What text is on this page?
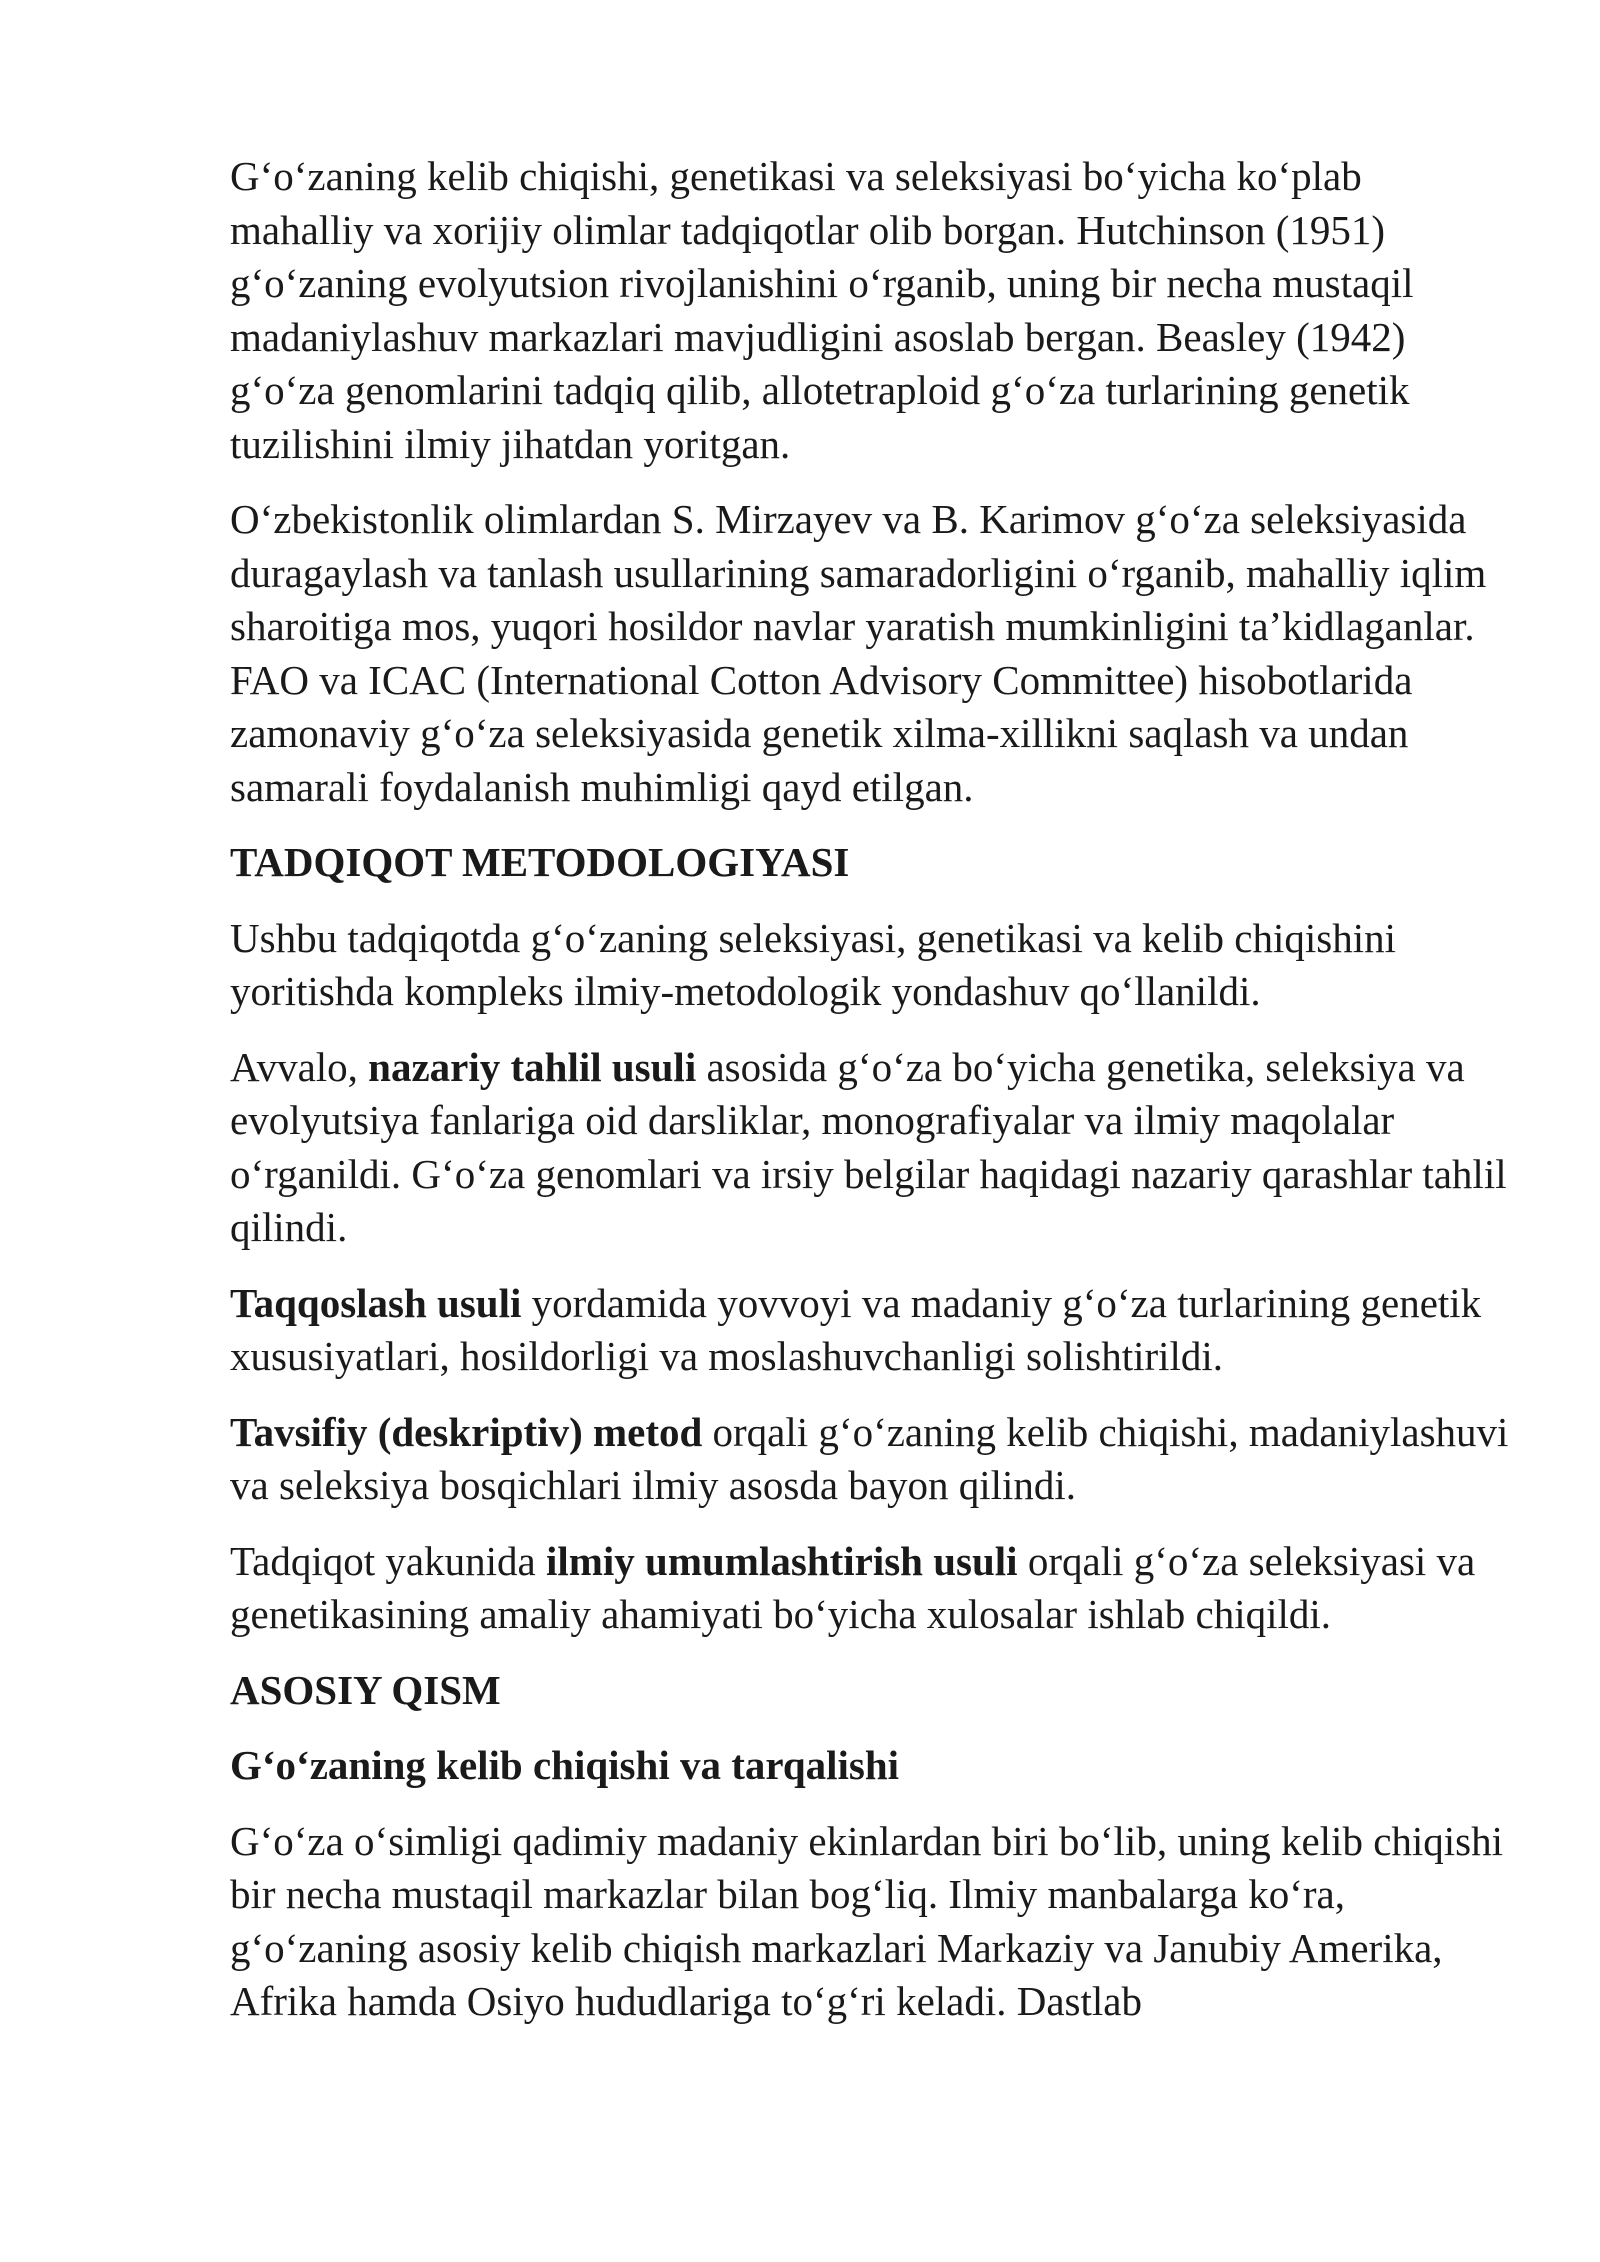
G‘o‘zaning kelib chiqishi, genetikasi va seleksiyasi bo‘yicha ko‘plab mahalliy va xorijiy olimlar tadqiqotlar olib borgan. Hutchinson (1951) g‘o‘zaning evolyutsion rivojlanishini o‘rganib, uning bir necha mustaqil madaniylashuv markazlari mavjudligini asoslab bergan. Beasley (1942) g‘o‘za genomlarini tadqiq qilib, allotetraploid g‘o‘za turlarining genetik tuzilishini ilmiy jihatdan yoritgan.

O‘zbekistonlik olimlardan S. Mirzayev va B. Karimov g‘o‘za seleksiyasida duragaylash va tanlash usullarining samaradorligini o‘rganib, mahalliy iqlim sharoitiga mos, yuqori hosildor navlar yaratish mumkinligini ta’kidlaganlar. FAO va ICAC (International Cotton Advisory Committee) hisobotlarida zamonaviy g‘o‘za seleksiyasida genetik xilma-xillikni saqlash va undan samarali foydalanish muhimligi qayd etilgan.

TADQIQOT METODOLOGIYASI

Ushbu tadqiqotda g‘o‘zaning seleksiyasi, genetikasi va kelib chiqishini yoritishda kompleks ilmiy-metodologik yondashuv qo‘llanildi.

Avvalo, nazariy tahlil usuli asosida g‘o‘za bo‘yicha genetika, seleksiya va evolyutsiya fanlariga oid darsliklar, monografiyalar va ilmiy maqolalar o‘rganildi. G‘o‘za genomlari va irsiy belgilar haqidagi nazariy qarashlar tahlil qilindi.

Taqqoslash usuli yordamida yovvoyi va madaniy g‘o‘za turlarining genetik xususiyatlari, hosildorligi va moslashuvchanligi solishtirildi.

Tavsifiy (deskriptiv) metod orqali g‘o‘zaning kelib chiqishi, madaniylashuvi va seleksiya bosqichlari ilmiy asosda bayon qilindi.

Tadqiqot yakunida ilmiy umumlashtirish usuli orqali g‘o‘za seleksiyasi va genetikasining amaliy ahamiyati bo‘yicha xulosalar ishlab chiqildi.

ASOSIY QISM
G‘o‘zaning kelib chiqishi va tarqalishi

G‘o‘za o‘simligi qadimiy madaniy ekinlardan biri bo‘lib, uning kelib chiqishi bir necha mustaqil markazlar bilan bog‘liq. Ilmiy manbalarga ko‘ra, g‘o‘zaning asosiy kelib chiqish markazlari Markaziy va Janubiy Amerika, Afrika hamda Osiyo hududlariga to‘g‘ri keladi. Dastlab
